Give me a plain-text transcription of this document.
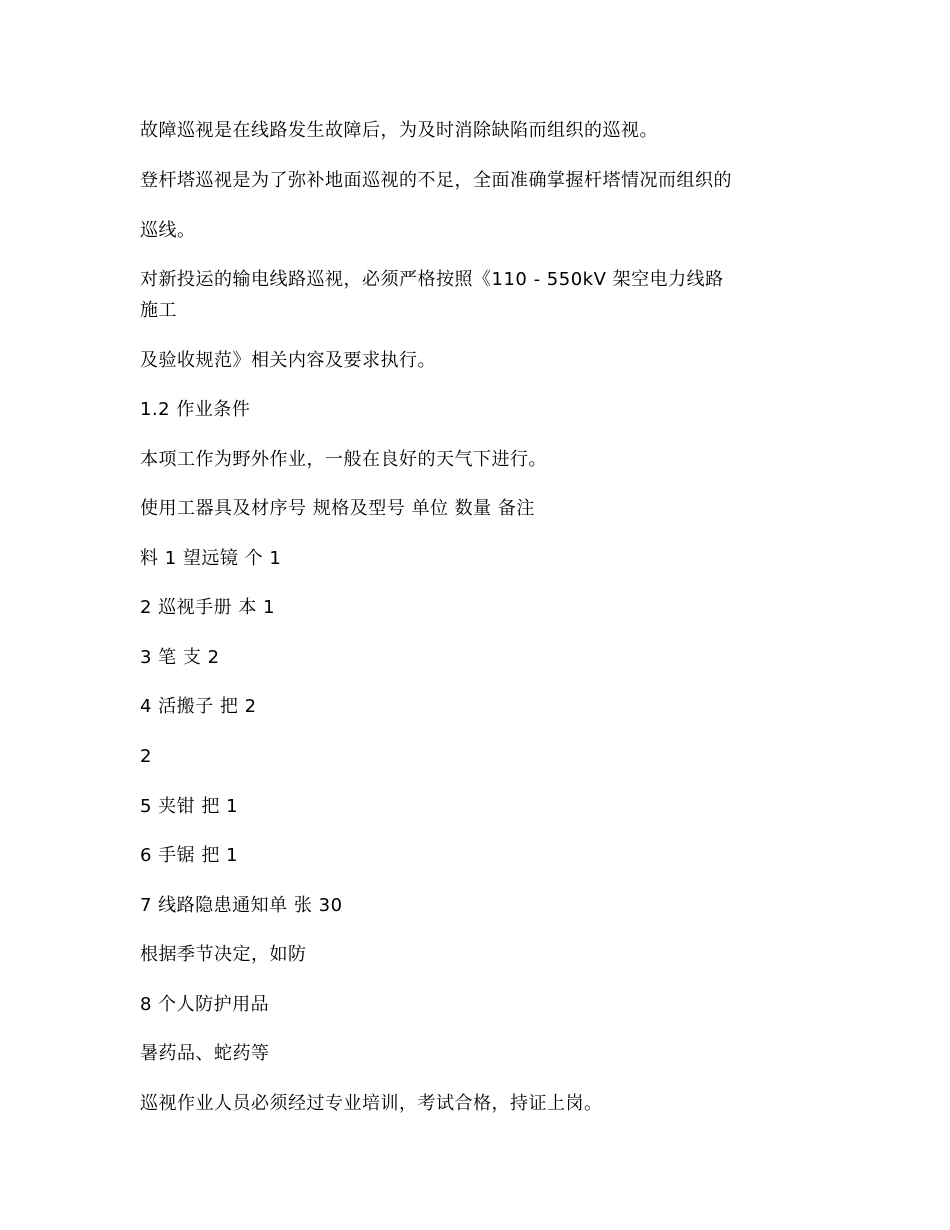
故障巡视是在线路发生故障后，为及时消除缺陷而组织的巡视。
登杆塔巡视是为了弥补地面巡视的不足，全面准确掌握杆塔情况而组织的
巡线。
对新投运的输电线路巡视，必须严格按照《110 - 550kV 架空电力线路
施工
及验收规范》相关内容及要求执行。
1.2 作业条件
本项工作为野外作业，一般在良好的天气下进行。
使用工器具及材序号 规格及型号 单位 数量 备注
料 1 望远镜 个 1
2 巡视手册 本 1
3 笔 支 2
4 活搬子 把 2
2
5 夹钳 把 1
6 手锯 把 1
7 线路隐患通知单 张 30
根据季节决定，如防
8 个人防护用品
暑药品、蛇药等
巡视作业人员必须经过专业培训，考试合格，持证上岗。
